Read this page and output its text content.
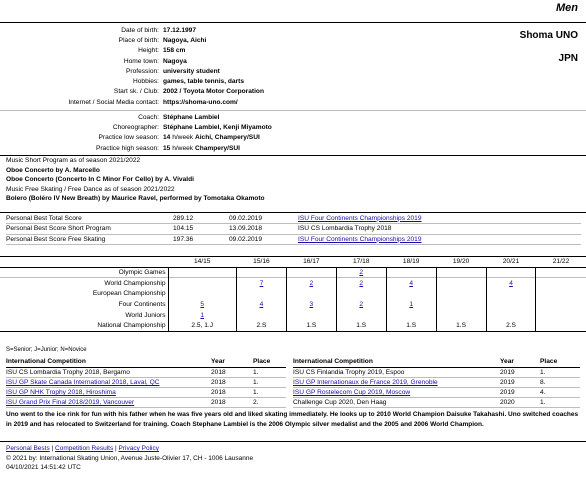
Men
Shoma UNO
JPN
Date of birth: 17.12.1997
Place of birth: Nagoya, Aichi
Height: 158 cm
Home town: Nagoya
Profession: university student
Hobbies: games, table tennis, darts
Start sk. / Club: 2002 / Toyota Motor Corporation
Internet / Social Media contact: https://shoma-uno.com/
Coach: Stéphane Lambiel
Choreographer: Stéphane Lambiel, Kenji Miyamoto
Practice low season: 14
h/week
Aichi, Champery/SUI
Practice high season: 15
h/week
Champery/SUI
Music Short Program as of season 2021/2022
Oboe Concerto by A. Marcello
Oboe Concerto (Concerto In C Minor For Cello) by A. Vivaldi
Music Free Skating / Free Dance as of season 2021/2022
Bolero (Boléro IV New Breath) by Maurice Ravel, performed by Tomotaka Okamoto
Personal Best Total Score	289.12	09.02.2019	ISU Four Continents Championships 2019
Personal Best Score Short Program	104.15	13.09.2018	ISU CS Lombardia Trophy 2018
Personal Best Score Free Skating	197.36	09.02.2019	ISU Four Continents Championships 2019
	14/15	15/16	16/17	17/18	18/19	19/20	20/21	21/22
Olympic Games				2				
World Championship		7	2	2	4		4	
European Championship								
Four Continents	5	4	3	2	1			
World Juniors	1							
National Championship	2.5, 1.J	2.S	1.S	1.S	1.S	1.S	2.S	
S=Senior; J=Junior; N=Novice
International Competition	Year	Place
ISU CS Lombardia Trophy 2018, Bergamo	2018	1.
ISU GP Skate Canada International 2018, Laval, QC	2018	1.
ISU GP NHK Trophy 2018, Hiroshima	2018	1.
ISU Grand Prix Final 2018/2019, Vancouver	2018	2.
International Competition	Year	Place
ISU CS Finlandia Trophy 2019, Espoo	2019	1.
ISU GP Internationaux de France 2019, Grenoble	2019	8.
ISU GP Rostelecom Cup 2019, Moscow	2019	4.
Challenge Cup 2020, Den Haag	2020	1.
Uno went to the ice rink for fun with his father when he was five years old and liked skating immediately. He looks up to 2010 World Champion Daisuke Takahashi. Uno switched coaches in 2019 and has relocated to Switzerland for training. Coach Stephane Lambiel is the 2006 Olympic silver medalist and the 2005 and 2006 World Champion.
Personal Bests | Competition Results | Privacy Policy
© 2021 by: International Skating Union, Avenue Juste-Olivier 17, CH - 1006 Lausanne
04/10/2021 14:51:42 UTC
